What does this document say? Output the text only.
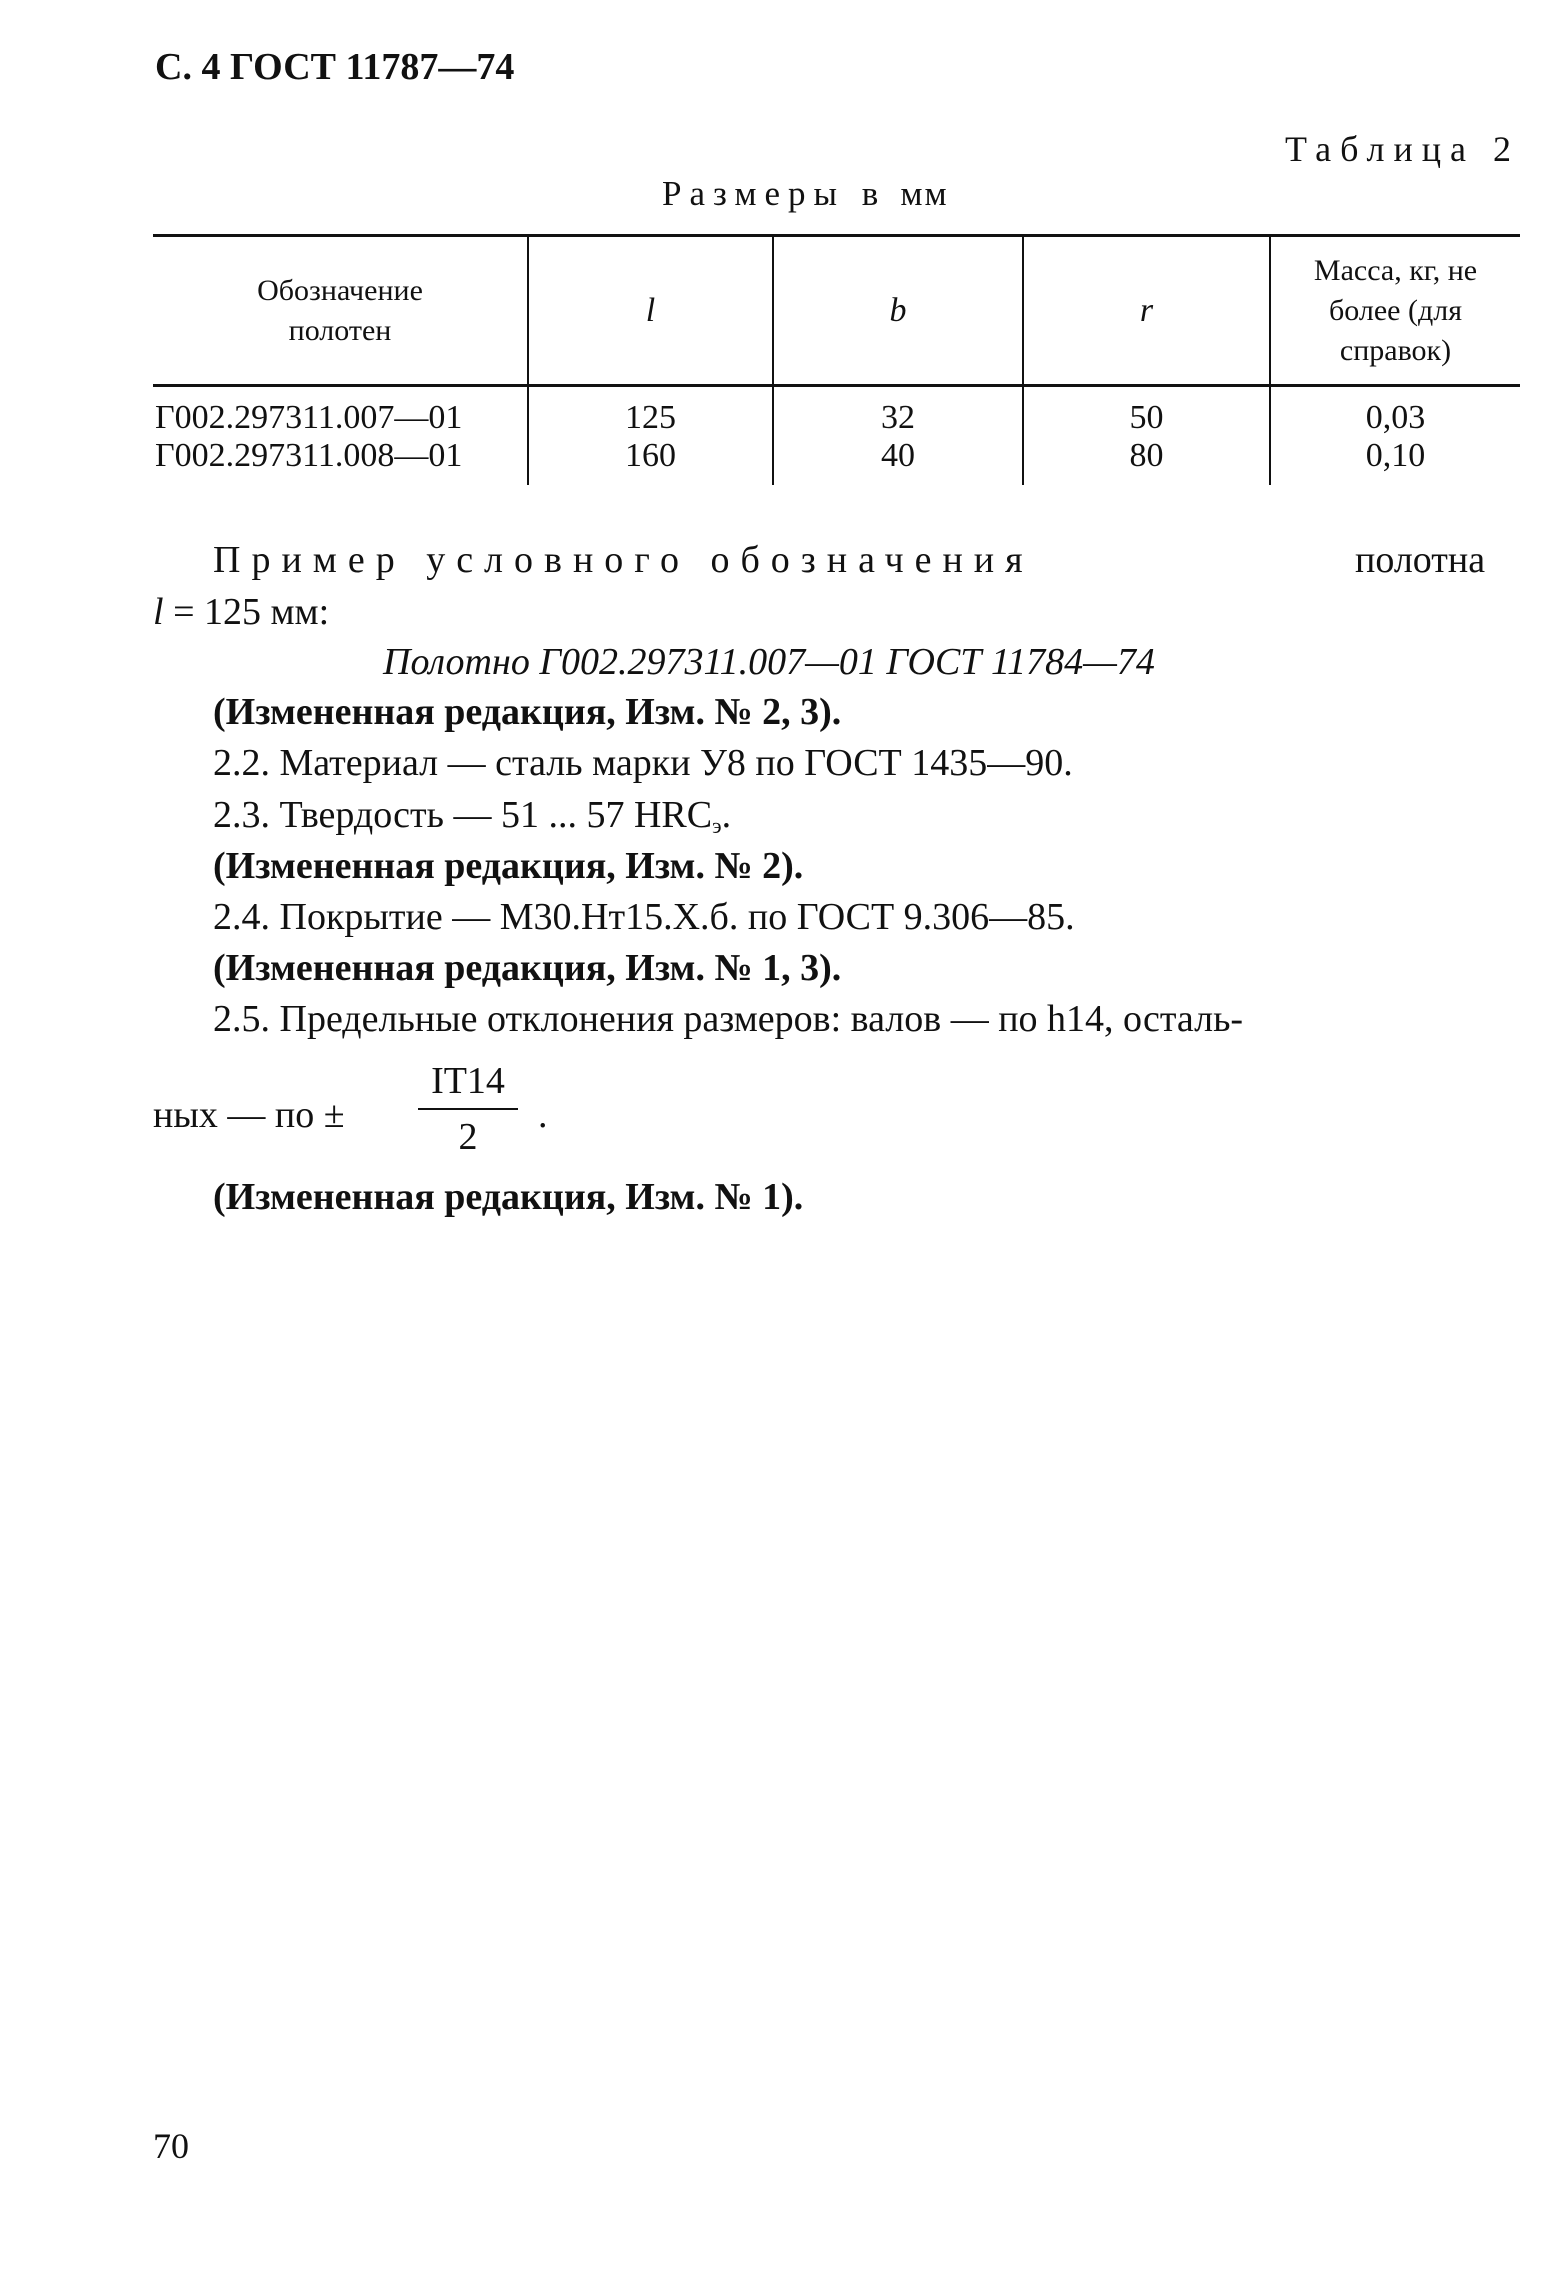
С. 4 ГОСТ 11787—74
Таблица 2
Размеры в мм
Обозначение полотен	l	b	r	Масса, кг, не более (для справок)
Г002.297311.007—01	125	32	50	0,03
Г002.297311.008—01	160	40	80	0,10
Пример условного обозначения	полотна
l = 125 мм:
Полотно Г002.297311.007—01 ГОСТ 11784—74
(Измененная редакция, Изм. № 2, 3).
2.2. Материал — сталь марки У8 по ГОСТ 1435—90.
2.3. Твердость — 51 ... 57 $HRC_э$.
(Измененная редакция, Изм. № 2).
2.4. Покрытие — М30.Нт15.Х.б. по ГОСТ 9.306—85.
(Измененная редакция, Изм. № 1, 3).
2.5. Предельные отклонения размеров: валов — по h14, осталь-
ных — по ±
IT14
2
.
(Измененная редакция, Изм. № 1).
70
